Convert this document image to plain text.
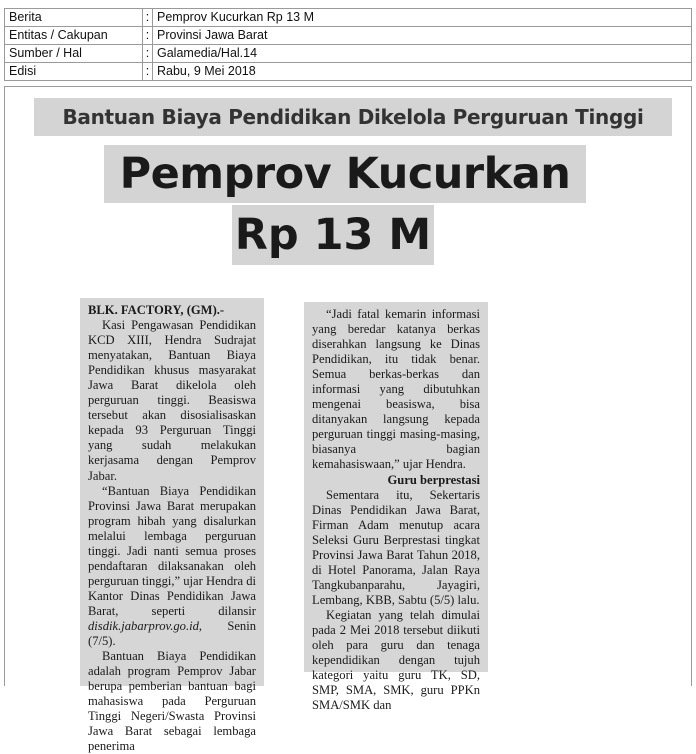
Berita	:	Pemprov Kucurkan Rp 13 M
Entitas / Cakupan	:	Provinsi Jawa Barat
Sumber / Hal	:	Galamedia/Hal.14
Edisi	:	Rabu, 9 Mei 2018
Bantuan Biaya Pendidikan Dikelola Perguruan Tinggi
Pemprov Kucurkan
Rp 13 M

BLK. FACTORY, (GM).-

Kasi Pengawasan Pendidikan KCD XIII, Hendra Sudrajat menyatakan, Bantuan Biaya Pendidikan khusus masyarakat Jawa Barat dikelola oleh perguruan tinggi. Beasiswa tersebut akan disosialisaskan kepada 93 Perguruan Tinggi yang sudah melakukan kerjasama dengan Pemprov Jabar.

“Bantuan Biaya Pendidikan Provinsi Jawa Barat merupakan program hibah yang disalurkan melalui lembaga perguruan tinggi. Jadi nanti semua proses pendaftaran dilaksanakan oleh perguruan tinggi,” ujar Hendra di Kantor Dinas Pendidikan Jawa Barat, seperti dilansir disdik.jabarprov.go.id, Senin (7/5).

Bantuan Biaya Pendidikan adalah program Pemprov Jabar berupa pemberian bantuan bagi mahasiswa pada Perguruan Tinggi Negeri/Swasta Provinsi Jawa Barat sebagai lembaga penerima

“Jadi fatal kemarin informasi yang beredar katanya berkas diserahkan langsung ke Dinas Pendidikan, itu tidak benar. Semua berkas-berkas dan informasi yang dibutuhkan mengenai beasiswa, bisa ditanyakan langsung kepada perguruan tinggi masing-masing, biasanya bagian kemahasiswaan,” ujar Hendra.

Guru berprestasi

Sementara itu, Sekertaris Dinas Pendidikan Jawa Barat, Firman Adam menutup acara Seleksi Guru Berprestasi tingkat Provinsi Jawa Barat Tahun 2018, di Hotel Panorama, Jalan Raya Tangkubanparahu, Jayagiri, Lembang, KBB, Sabtu (5/5) lalu.

Kegiatan yang telah dimulai pada 2 Mei 2018 tersebut diikuti oleh para guru dan tenaga kependidikan dengan tujuh kategori yaitu guru TK, SD, SMP, SMA, SMK, guru PPKn SMA/SMK dan
